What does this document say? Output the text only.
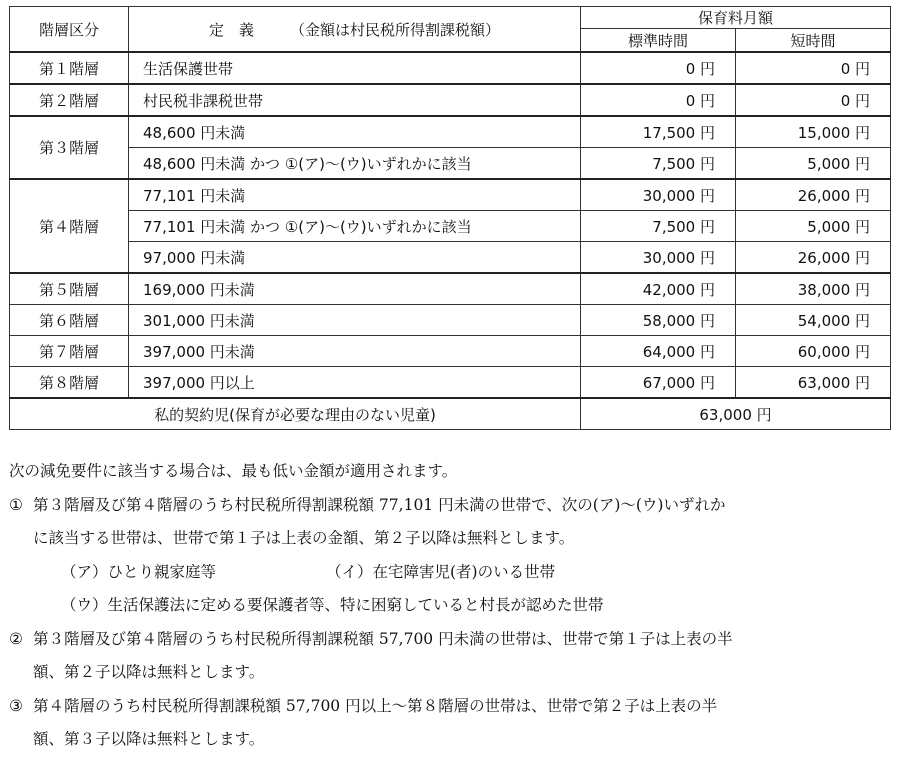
階層区分	定　義 （金額は村民税所得割課税額）	保育料月額	
		標準時間	短時間
第１階層	生活保護世帯	0 円	0 円
第２階層	村民税非課税世帯	0 円	0 円
第３階層	48,600 円未満	17,500 円	15,000 円
	48,600 円未満 かつ ①(ア)～(ウ)いずれかに該当	7,500 円	5,000 円
第４階層	77,101 円未満	30,000 円	26,000 円
	77,101 円未満 かつ ①(ア)～(ウ)いずれかに該当	7,500 円	5,000 円
	97,000 円未満	30,000 円	26,000 円
第５階層	169,000 円未満	42,000 円	38,000 円
第６階層	301,000 円未満	58,000 円	54,000 円
第７階層	397,000 円未満	64,000 円	60,000 円
第８階層	397,000 円以上	67,000 円	63,000 円
私的契約児(保育が必要な理由のない児童)		63,000 円	

次の減免要件に該当する場合は、最も低い金額が適用されます。

① 第３階層及び第４階層のうち村民税所得割課税額 77,101 円未満の世帯で、次の(ア)～(ウ)いずれか

に該当する世帯は、世帯で第１子は上表の金額、第２子以降は無料とします。

（ア）ひとり親家庭等	（イ）在宅障害児(者)のいる世帯

（ウ）生活保護法に定める要保護者等、特に困窮していると村長が認めた世帯

② 第３階層及び第４階層のうち村民税所得割課税額 57,700 円未満の世帯は、世帯で第１子は上表の半

額、第２子以降は無料とします。

③ 第４階層のうち村民税所得割課税額 57,700 円以上～第８階層の世帯は、世帯で第２子は上表の半

額、第３子以降は無料とします。
